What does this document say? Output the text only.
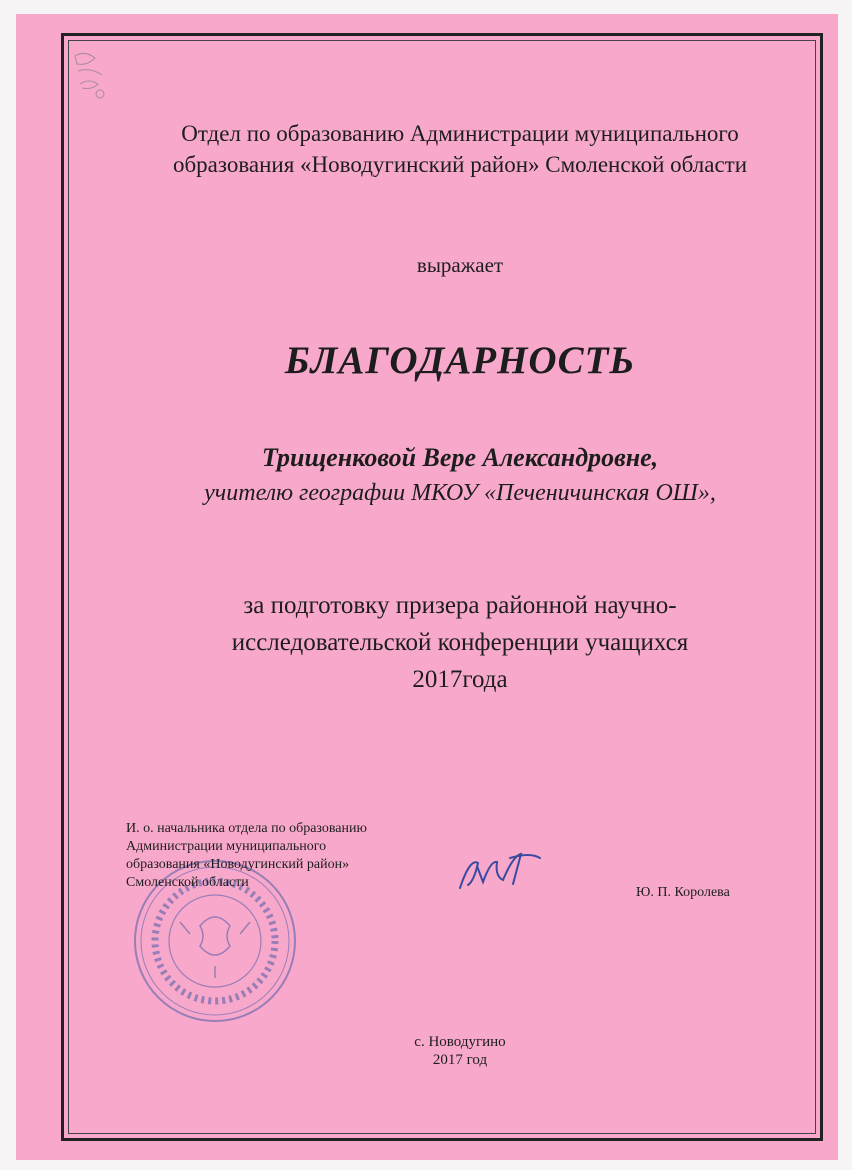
Отдел по образованию Администрации муниципального
образования «Новодугинский район» Смоленской области
выражает
БЛАГОДАРНОСТЬ
Трищенковой Вере Александровне,
учителю географии МКОУ «Печеничинская ОШ»,
за подготовку призера районной научно-
исследовательской конференции учащихся
2017года
И. о. начальника отдела по образованию
Администрации муниципального
образования «Новодугинский район»
Смоленской области
Ю. П. Королева
с. Новодугино
2017 год
